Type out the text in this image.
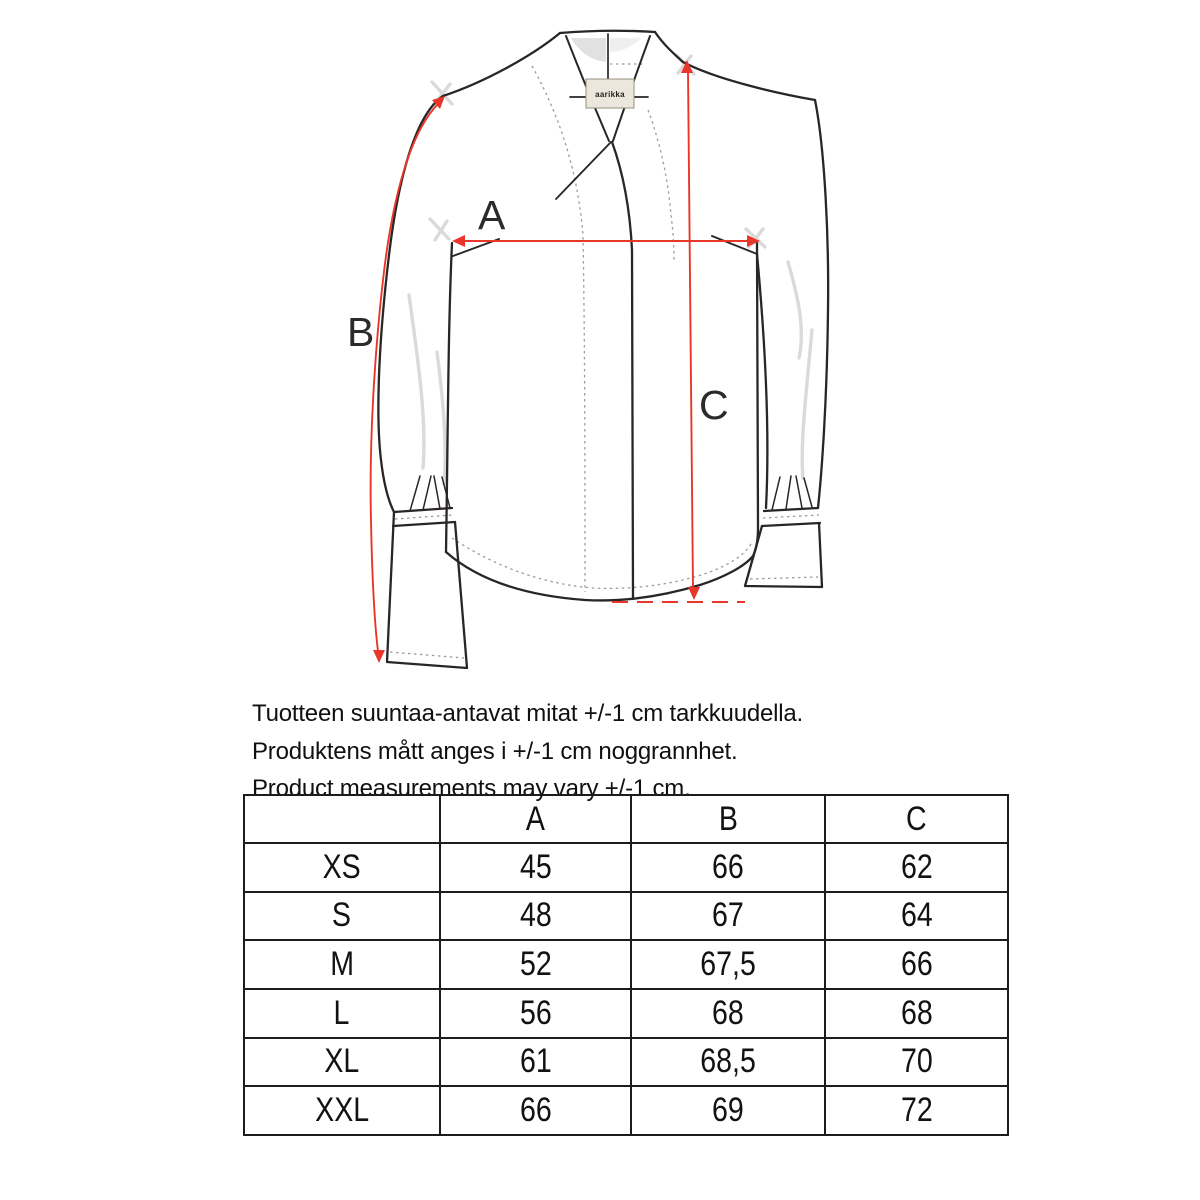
aarikka
A
B
C
Tuotteen suuntaa-antavat mitat +/-1 cm tarkkuudella.
Produktens mått anges i +/-1 cm noggrannhet.
Product measurements may vary +/-1 cm.
	A	B	C
XS	45	66	62
S	48	67	64
M	52	67,5	66
L	56	68	68
XL	61	68,5	70
XXL	66	69	72
